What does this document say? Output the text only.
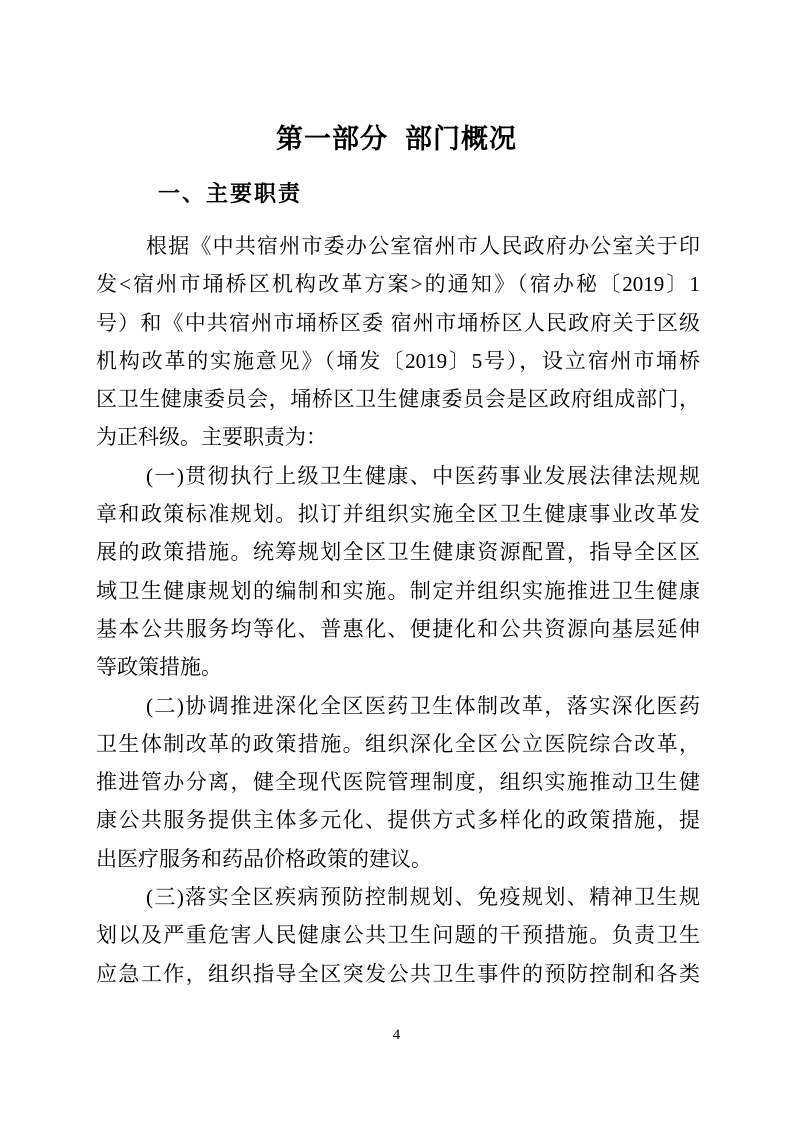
第一部分  部门概况
一、主要职责
根据《中共宿州市委办公室宿州市人民政府办公室关于印
发<宿州市埇桥区机构改革方案>的通知》（宿办秘〔2019〕1
号）和《中共宿州市埇桥区委 宿州市埇桥区人民政府关于区级
机构改革的实施意见》（埇发〔2019〕5号），设立宿州市埇桥
区卫生健康委员会，埇桥区卫生健康委员会是区政府组成部门，
为正科级。主要职责为：
(一)贯彻执行上级卫生健康、中医药事业发展法律法规规
章和政策标准规划。拟订并组织实施全区卫生健康事业改革发
展的政策措施。统筹规划全区卫生健康资源配置，指导全区区
域卫生健康规划的编制和实施。制定并组织实施推进卫生健康
基本公共服务均等化、普惠化、便捷化和公共资源向基层延伸
等政策措施。
(二)协调推进深化全区医药卫生体制改革，落实深化医药
卫生体制改革的政策措施。组织深化全区公立医院综合改革，
推进管办分离，健全现代医院管理制度，组织实施推动卫生健
康公共服务提供主体多元化、提供方式多样化的政策措施，提
出医疗服务和药品价格政策的建议。
(三)落实全区疾病预防控制规划、免疫规划、精神卫生规
划以及严重危害人民健康公共卫生问题的干预措施。负责卫生
应急工作，组织指导全区突发公共卫生事件的预防控制和各类
4
